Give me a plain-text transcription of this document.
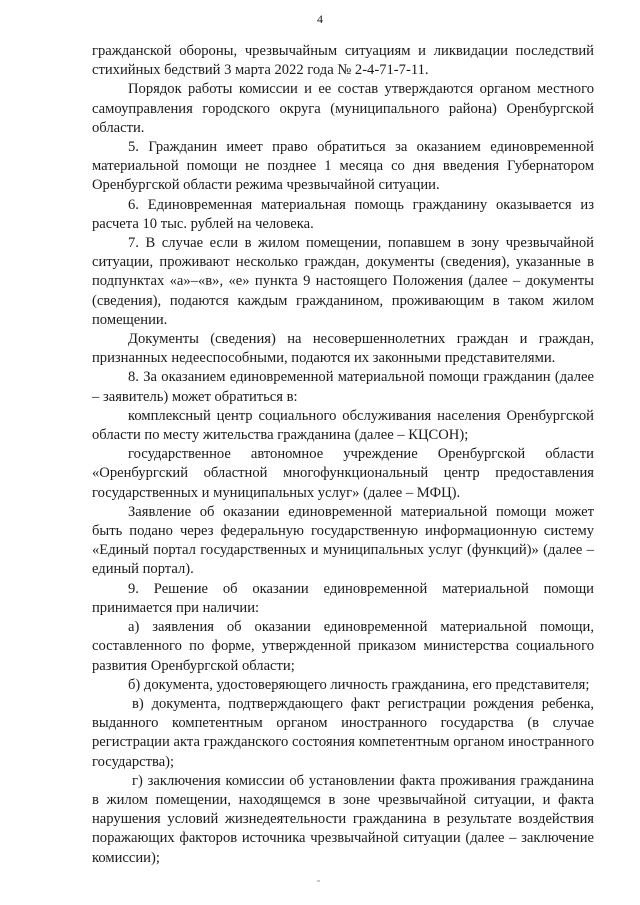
4

гражданской обороны, чрезвычайным ситуациям и ликвидации последствий стихийных бедствий 3 марта 2022 года № 2-4-71-7-11.

Порядок работы комиссии и ее состав утверждаются органом местного самоуправления городского округа (муниципального района) Оренбургской области.

5. Гражданин имеет право обратиться за оказанием единовременной материальной помощи не позднее 1 месяца со дня введения Губернатором Оренбургской области режима чрезвычайной ситуации.

6. Единовременная материальная помощь гражданину оказывается из расчета 10 тыс. рублей на человека.

7. В случае если в жилом помещении, попавшем в зону чрезвычайной ситуации, проживают несколько граждан, документы (сведения), указанные в подпунктах «а»–«в», «е» пункта 9 настоящего Положения (далее – документы (сведения), подаются каждым гражданином, проживающим в таком жилом помещении.

Документы (сведения) на несовершеннолетних граждан и граждан, признанных недееспособными, подаются их законными представителями.

8. За оказанием единовременной материальной помощи гражданин (далее – заявитель) может обратиться в:

комплексный центр социального обслуживания населения Оренбургской области по месту жительства гражданина (далее – КЦСОН);

государственное автономное учреждение Оренбургской области «Оренбургский областной многофункциональный центр предоставления государственных и муниципальных услуг» (далее – МФЦ).

Заявление об оказании единовременной материальной помощи может быть подано через федеральную государственную информационную систему «Единый портал государственных и муниципальных услуг (функций)» (далее – единый портал).

9. Решение об оказании единовременной материальной помощи принимается при наличии:

а) заявления об оказании единовременной материальной помощи, составленного по форме, утвержденной приказом министерства социального развития Оренбургской области;

б) документа, удостоверяющего личность гражданина, его представителя;

в) документа, подтверждающего факт регистрации рождения ребенка, выданного компетентным органом иностранного государства (в случае регистрации акта гражданского состояния компетентным органом иностранного государства);

г) заключения комиссии об установлении факта проживания гражданина в жилом помещении, находящемся в зоне чрезвычайной ситуации, и факта нарушения условий жизнедеятельности гражданина в результате воздействия поражающих факторов источника чрезвычайной ситуации (далее – заключение комиссии);
